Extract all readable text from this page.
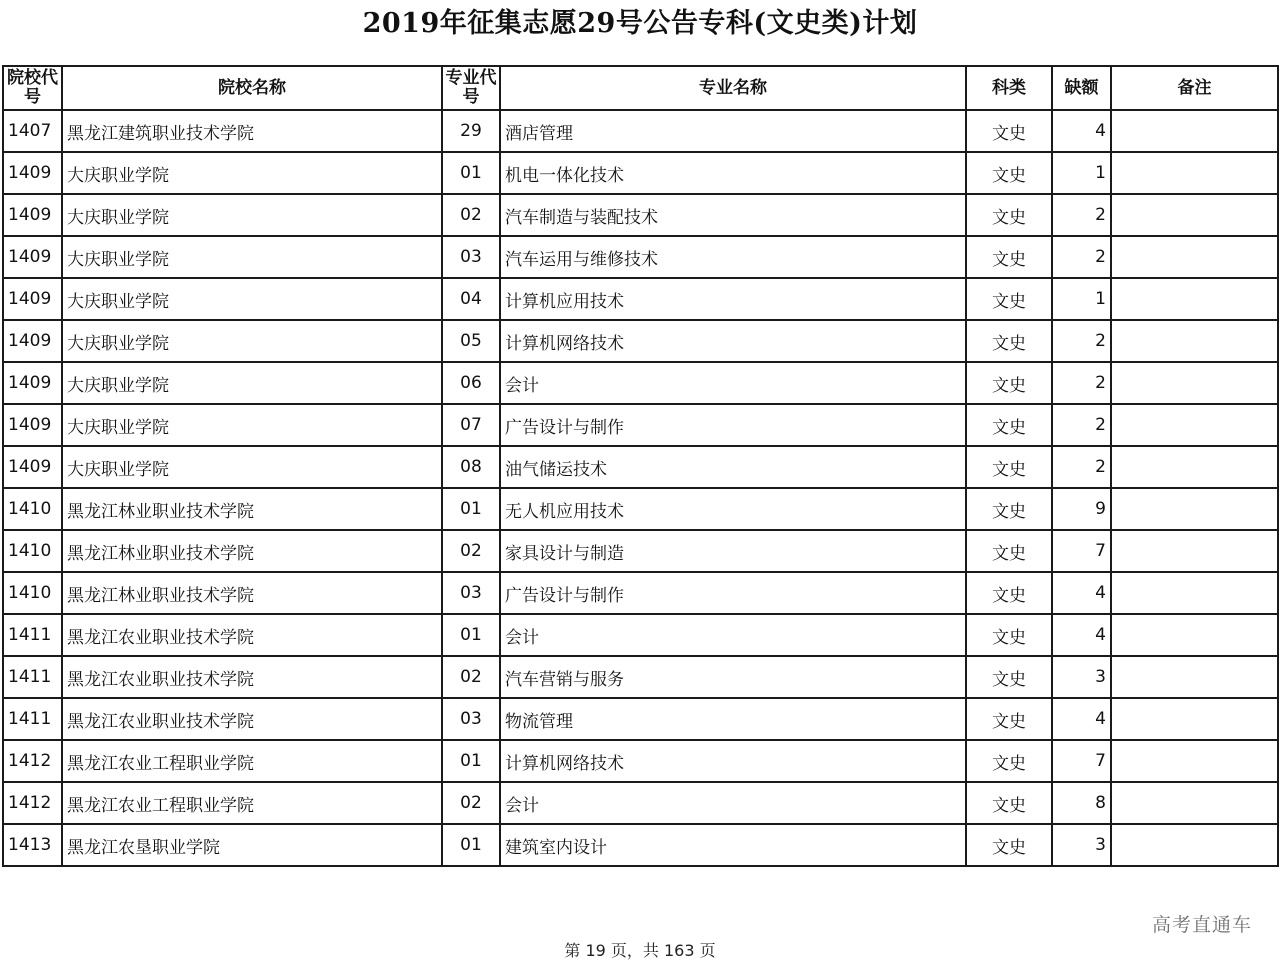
2019年征集志愿29号公告专科(文史类)计划
院校代号	院校名称	专业代号	专业名称	科类	缺额	备注
1407	黑龙江建筑职业技术学院	29	酒店管理	文史	4	
1409	大庆职业学院	01	机电一体化技术	文史	1	
1409	大庆职业学院	02	汽车制造与装配技术	文史	2	
1409	大庆职业学院	03	汽车运用与维修技术	文史	2	
1409	大庆职业学院	04	计算机应用技术	文史	1	
1409	大庆职业学院	05	计算机网络技术	文史	2	
1409	大庆职业学院	06	会计	文史	2	
1409	大庆职业学院	07	广告设计与制作	文史	2	
1409	大庆职业学院	08	油气储运技术	文史	2	
1410	黑龙江林业职业技术学院	01	无人机应用技术	文史	9	
1410	黑龙江林业职业技术学院	02	家具设计与制造	文史	7	
1410	黑龙江林业职业技术学院	03	广告设计与制作	文史	4	
1411	黑龙江农业职业技术学院	01	会计	文史	4	
1411	黑龙江农业职业技术学院	02	汽车营销与服务	文史	3	
1411	黑龙江农业职业技术学院	03	物流管理	文史	4	
1412	黑龙江农业工程职业学院	01	计算机网络技术	文史	7	
1412	黑龙江农业工程职业学院	02	会计	文史	8	
1413	黑龙江农垦职业学院	01	建筑室内设计	文史	3	
高考直通车
第 19 页，共 163 页
